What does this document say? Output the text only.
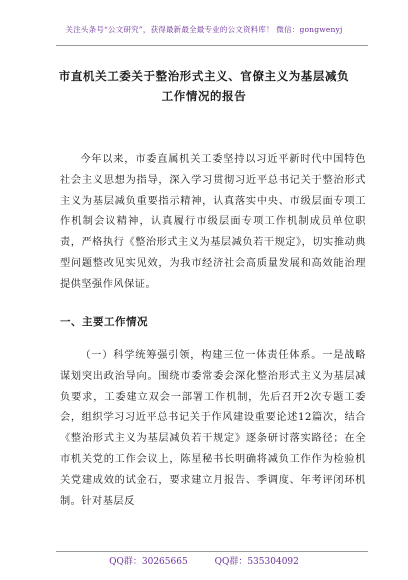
关注头条号“公文研究”，获得最新最全最专业的公文资料库！ 微信：gongwenyj
市直机关工委关于整治形式主义、官僚主义为基层减负
工作情况的报告

今年以来，市委直属机关工委坚持以习近平新时代中国特色社会主义思想为指导，深入学习贯彻习近平总书记关于整治形式主义为基层减负重要指示精神，认真落实中央、市级层面专项工作机制会议精神，认真履行市级层面专项工作机制成员单位职责，严格执行《整治形式主义为基层减负若干规定》，切实推动典型问题整改见实见效，为我市经济社会高质量发展和高效能治理提供坚强作风保证。

一、主要工作情况

（一）科学统筹强引领，构建三位一体责任体系。一是战略谋划突出政治导向。围绕市委常委会深化整治形式主义为基层减负要求，工委建立双会一部署工作机制，先后召开2次专题工委会，组织学习习近平总书记关于作风建设重要论述12篇次，结合《整治形式主义为基层减负若干规定》逐条研讨落实路径；在全市机关党的工作会议上，陈星秘书长明确将减负工作作为检验机关党建成效的试金石，要求建立月报告、季调度、年考评闭环机制。针对基层反

QQ群：30265665	QQ群：535304092
